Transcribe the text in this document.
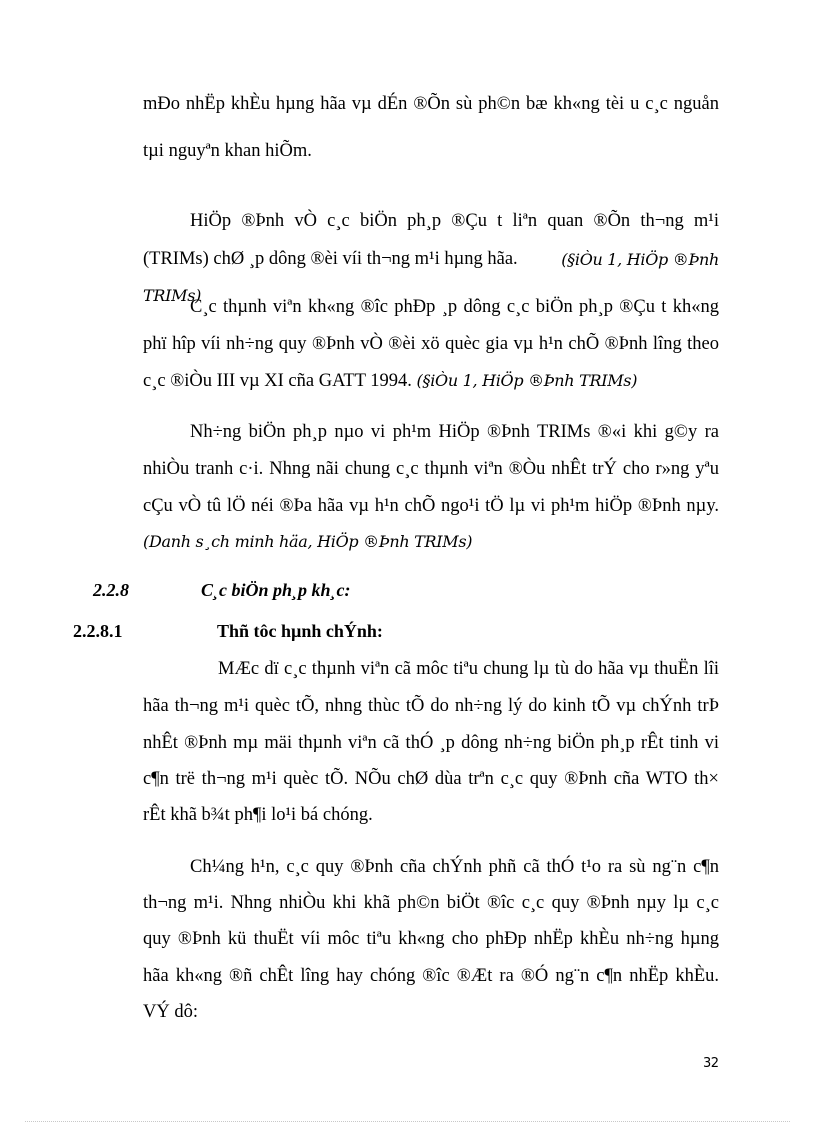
mÐo nhËp khÈu hµng hãa vµ dÉn ®Õn sù ph©n bæ kh«ng tèi u c¸c nguån
tµi nguyªn khan hiÕm.
HiÖp ®Þnh vÒ c¸c biÖn ph¸p ®Çu t liªn quan ®Õn th¬ng m¹i
(TRIMs) chØ ¸p dông ®èi víi th¬ng m¹i hµng hãa.	(§iÒu 1, HiÖp ®Þnh
TRIMs)
C¸c thµnh viªn kh«ng ®îc phÐp ¸p dông c¸c biÖn ph¸p ®Çu t kh«ng
phï hîp víi nh÷ng quy ®Þnh vÒ ®èi xö quèc gia vµ h¹n chÕ ®Þnh lîng theo
c¸c ®iÒu III vµ XI cña GATT 1994. (§iÒu 1, HiÖp ®Þnh TRIMs)
Nh÷ng biÖn ph¸p nµo vi ph¹m HiÖp ®Þnh TRIMs ®«i khi g©y ra
nhiÒu tranh c·i. Nhng nãi chung c¸c thµnh viªn ®Òu nhÊt trÝ cho r»ng yªu
cÇu vÒ tû lÖ néi ®Þa hãa vµ h¹n chÕ ngo¹i tÖ lµ vi ph¹m hiÖp ®Þnh nµy.
(Danh s¸ch minh häa, HiÖp ®Þnh TRIMs)
2.2.8	C¸c biÖn ph¸p kh¸c:
2.2.8.1	Thñ tôc hµnh chÝnh:
MÆc dï c¸c thµnh viªn cã môc tiªu chung lµ tù do hãa vµ thuËn lîi
hãa th¬ng m¹i quèc tÕ, nhng thùc tÕ do nh÷ng lý do kinh tÕ vµ chÝnh trÞ
nhÊt ®Þnh mµ mäi thµnh viªn cã thÓ ¸p dông nh÷ng biÖn ph¸p rÊt tinh vi
c¶n trë th¬ng m¹i quèc tÕ. NÕu chØ dùa trªn c¸c quy ®Þnh cña WTO th×
rÊt khã b¾t ph¶i lo¹i bá chóng.
Ch¼ng h¹n, c¸c quy ®Þnh cña chÝnh phñ cã thÓ t¹o ra sù ng¨n c¶n
th¬ng m¹i. Nhng nhiÒu khi khã ph©n biÖt ®îc c¸c quy ®Þnh nµy lµ c¸c
quy ®Þnh kü thuËt víi môc tiªu kh«ng cho phÐp nhËp khÈu nh÷ng hµng
hãa kh«ng ®ñ chÊt lîng hay chóng ®îc ®Æt ra ®Ó ng¨n c¶n nhËp khÈu.
VÝ dô:
32
